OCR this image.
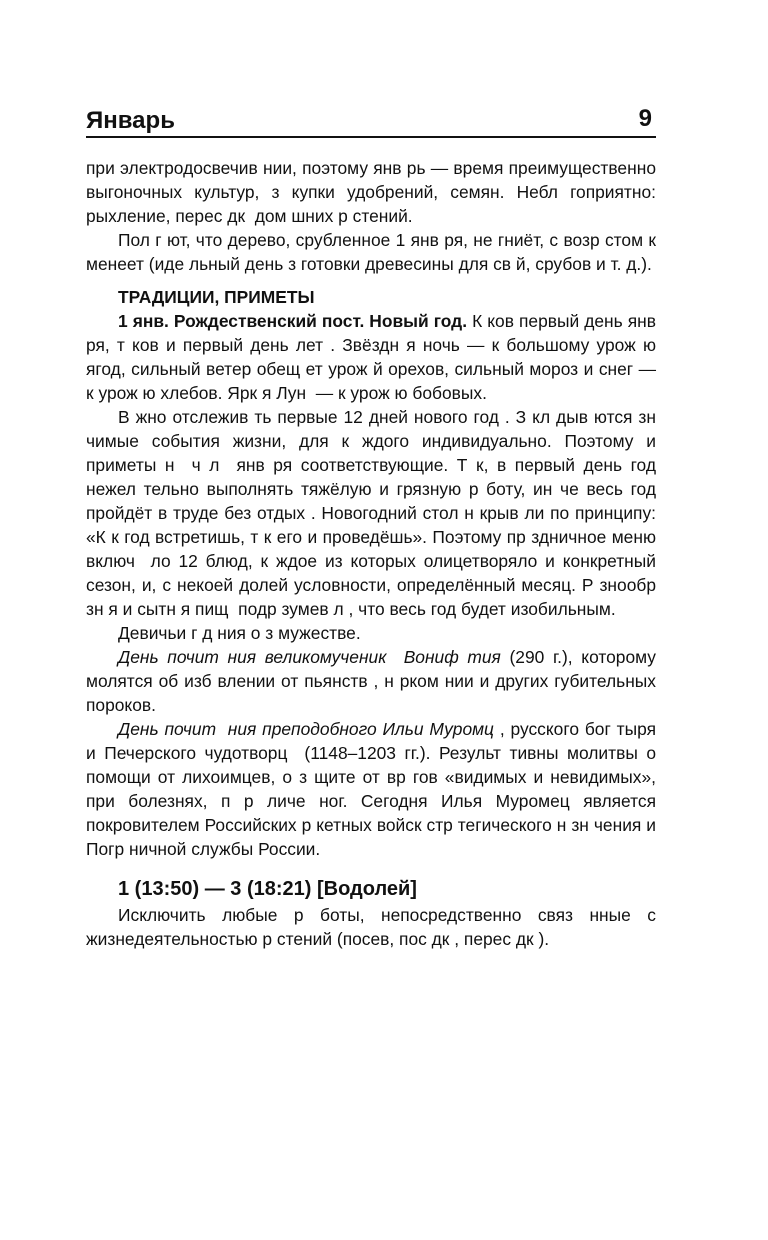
Январь	9

при электродосвечив нии, поэтому янв рь — время преимущественно выгоночных культур, з купки удобрений, семян. Небл гоприятно: рыхление, перес дк  дом шних р стений.

Пол г ют, что дерево, срубленное 1 янв ря, не гниёт, с возр стом к менеет (иде льный день з готовки древесины для св й, срубов и т. д.).

ТРАДИЦИИ, ПРИМЕТЫ

1 янв. Рождественский пост. Новый год. К ков первый день янв ря, т ков и первый день лет . Звёздн я ночь — к большому урож ю ягод, сильный ветер обещ ет урож й орехов, сильный мороз и снег — к урож ю хлебов. Ярк я Лун  — к урож ю бобовых.

В жно отслежив ть первые 12 дней нового год . З кл дыв ются зн чимые события жизни, для к ждого индивидуально. Поэтому и приметы н  ч л  янв ря соответствующие. Т к, в первый день год  нежел тельно выполнять тяжёлую и грязную р боту, ин че весь год пройдёт в труде без отдых . Новогодний стол н крыв ли по принципу: «К к год встретишь, т к его и проведёшь». Поэтому пр здничное меню включ  ло 12 блюд, к ждое из которых олицетворяло и конкретный сезон, и, с некоей долей условности, определённый месяц. Р знообр зн я и сытн я пищ  подр зумев л , что весь год будет изобильным.

Девичьи г д ния о з мужестве.

День почит ния великомученик  Вониф тия (290 г.), которому молятся об изб влении от пьянств , н рком нии и других губительных пороков.

День почит  ния преподобного Ильи Муромц , русского бог тыря и Печерского чудотворц  (1148–1203 гг.). Результ тивны молитвы о помощи от лихоимцев, о з щите от вр гов «видимых и невидимых», при болезнях, п р личе ног. Сегодня Илья Муромец является покровителем Российских р кетных войск стр тегического н зн чения и Погр ничной службы России.

1 (13:50) — 3 (18:21) [Водолей]

Исключить любые р боты, непосредственно связ нные с жизнедеятельностью р стений (посев, пос дк , перес дк ).
